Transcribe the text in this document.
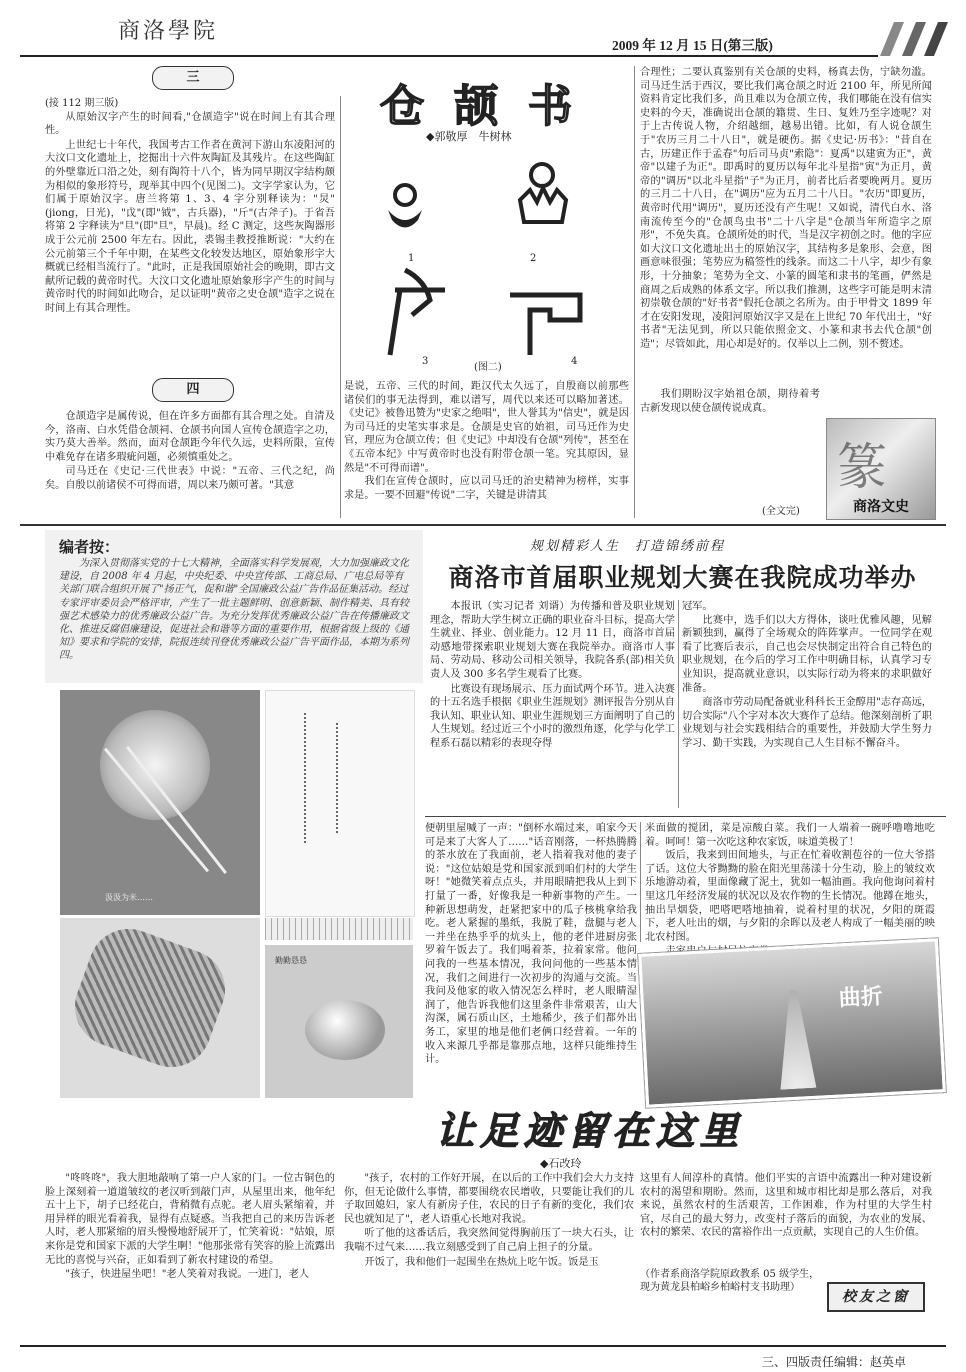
商洛學院
2009 年 12 月 15 日(第三版)
三
仓颉书
◆郭敬厚　牛树林
(接 112 期三版)

从原始汉字产生的时间看,"仓颉造字"说在时间上有其合理性。

上世纪七十年代，我国考古工作者在黄河下游山东凌阳河的大汶口文化遗址上，挖掘出十六件灰陶缸及其残片。在这些陶缸的外壁靠近口沿之处，刻有陶符十八个，皆为同早期汉字结构颇为相似的象形符号，现举其中四个(见图二)。文字学家认为，它们属于原始汉字。唐兰将第 1、3、4 字分别释读为："炅"(jiong，日光)，"戉"(即"钺"，古兵器)，"斤"(古斧子)。于省吾将第 2 字释读为"旦"(即"旦"，早晨)。经 C 测定，这些灰陶器形成于公元前 2500 年左右。因此，裘锡圭教授推断说："大约在公元前第三个千年中期，在某些文化较发达地区，原始象形字大概就已经相当流行了。"此时，正是我国原始社会的晚期，即古文献所记载的黄帝时代。大汶口文化遗址原始象形字产生的时间与黄帝时代的时间如此吻合，足以证明"黄帝之史仓颉"造字之说在时间上有其合理性。

四

仓颉造字是属传说，但在许多方面都有其合理之处。自清及今，洛南、白水凭借仓颉祠、仓颉书向国人宣传仓颉造字之功，实乃莫大善举。然而，面对仓颉距今年代久远，史料所限，宣传中难免存在诸多瑕疵问题，必须慎重处之。

司马迁在《史记·三代世表》中说："五帝、三代之纪，尚矣。自殷以前诸侯不可得而谱，周以来乃颇可著。"其意

1	2
3	4
(图二)
是说，五帝、三代的时间，距汉代太久远了，自殷商以前那些诸侯们的事无法得到，难以谱写，周代以来还可以略加著述。《史记》被鲁迅赞为"史家之绝唱"，世人誉其为"信史"，就是因为司马迁的史笔实事求是。仓颉是史官的始祖，司马迁作为史官，理应为仓颉立传；但《史记》中却没有仓颉"列传"，甚至在《五帝本纪》中写黄帝时也没有附带仓颉一笔。究其原因，显然是"不可得而谱"。

我们在宣传仓颉时，应以司马迁的治史精神为榜样，实事求是。一要不回避"传说"二字，关键是讲清其

合理性；二要认真鉴别有关仓颉的史料，杨真去伪，宁缺勿滥。司马迁生活于西汉，要比我们离仓颉之时近 2100 年，所见所闻资料肯定比我们多，尚且难以为仓颉立传，我们哪能在没有信实史料的今天，准确说出仓颉的籍贯、生日、复姓乃至字迹呢？对于上古传说人物，介绍越细，越易出错。比如，有人说仓颉生于"农历三月二十八日"，就是硬伤。据《史记·历书》："昔自在古，历建正作于孟春"句后司马贞"索隐"：夏禹"以建寅为正"，黄帝"以建子为正"。即禹时的夏历以每年北斗星指"寅"为正月，黄帝的"调历"以北斗星指"子"为正月，前者比后者要晚两月。夏历的三月二十八日，在"调历"应为五月二十八日。"农历"即夏历，黄帝时代用"调历"，夏历还没有产生呢！又如说，清代白水、洛南流传至今的"仓颉鸟虫书"二十八字是"仓颉当年所造字之原形"，不免失真。仓颉所处的时代，当是汉字初创之时。他的字应如大汶口文化遗址出土的原始汉字，其结构多是象形、会意，图画意味很强；笔势应为稿签性的线条。而这二十八字，却少有象形，十分抽象；笔势为全文、小篆的圆笔和隶书的笔画，俨然是商周之后成熟的体系文字。所以我们推测，这些字可能是明末清初崇敬仓颉的"好书者"假托仓颉之名所为。由于甲骨文 1899 年才在安阳发现，凌阳河原始汉字又是在上世纪 70 年代出土，"好书者"无法见到，所以只能依照金文、小篆和隶书去代仓颉"创造"；尽管如此，用心却是好的。仅举以上二例，别不赘述。

我们期盼汉字始祖仓颉，期待着考古新发现以使仓颉传说成真。

(全文完)
篆
商洛文史
编者按：
为深入贯彻落实党的十七大精神，全面落实科学发展观，大力加强廉政文化建设，自 2008 年 4 月起，中央纪委、中央宣传部、工商总局、广电总局等有关部门联合组织开展了"扬正气，促和谐"全国廉政公益广告作品征集活动。经过专家评审委员会严格评审，产生了一批主题鲜明、创意新颖、制作精美、具有较强艺术感染力的优秀廉政公益广告。为充分发挥优秀廉政公益广告在传播廉政文化、推进反腐倡廉建设，促进社会和谐等方面的重要作用，根据省级上级的《通知》要求和学院的安排，院报连续刊登优秀廉政公益广告平面作品，本期为系列四。
汲汲为米……
勤勤恳恳
规划精彩人生　打造锦绣前程
商洛市首届职业规划大赛在我院成功举办

本报讯（实习记者 刘谞）为传播和普及职业规划理念，帮助大学生树立正确的职业奋斗目标，提高大学生就业、择业、创业能力。12 月 11 日，商洛市首届动感地带探索职业规划大赛在我院举办。商洛市人事局、劳动局、移动公司相关领导，我院各系(部)相关负责人及 300 多名学生观看了比赛。

比赛设有现场展示、压力面试两个环节。进入决赛的十五名选手根据《职业生涯规划》测评报告分别从自我认知、职业认知、职业生涯规划三方面阐明了自己的人生规划。经过近三个小时的激烈角逐，化学与化学工程系石磊以精彩的表现夺得

冠军。

比赛中，选手们以大方得体，谈吐优雅风趣，见解新颖独到，赢得了全场观众的阵阵掌声。一位同学在观看了比赛后表示，自己也会尽快制定出符合自己特色的职业规划，在今后的学习工作中明确目标，认真学习专业知识，提高就业意识，以实际行动为将来的求职做好准备。

商洛市劳动局配备就业科科长王金醇用"志存高远，切合实际"八个字对本次大赛作了总结。他深刻剖析了职业规划与社会实践相结合的重要性，并鼓励大学生努力学习、勤干实践，为实现自己人生目标不懈奋斗。

便朝里屋喊了一声："倒杯水端过来，咱家今天可是来了大客人了……"话音刚落，一杯热腾腾的茶水放在了我面前，老人指着我对他的妻子说："这位姑娘是党和国家派到咱们村的大学生呀！"她微笑着点点头，并用眼睛把我从上到下打量了一番，好像我是一种新事物的产生。一种新思想萌发，赶紧把家中的瓜子核桃拿给我吃。老人紧握的墨纸，我脱了鞋，盘腿与老人一并坐在热乎乎的炕头上，他的老伴进厨房张罗着午饭去了。我们喝着茶，拉着家常。他问问我的一些基本情况，我问问他的一些基本情况，我们之间进行一次初步的沟通与交流。当我问及他家的收入情况怎么样时，老人眼睛湿润了，他告诉我他们这里条件非常艰苦，山大沟深，属石质山区，土地稀少，孩子们都外出务工，家里的地是他们老俩口经营着。一年的收入来源几乎都是靠那点地，这样只能维持生计。
米面做的搅团，菜是凉酸白菜。我们一人端着一碗呼噜噜地吃着。呵呵！第一次吃这种农家饭，味道美极了！

饭后，我来到田间地头，与正在忙着收割苞谷的一位大爷搭了话。这位大爷黝黝的脸在阳光里荡漾十分生动，脸上的皱纹欢乐地游动着，里面像藏了泥土，犹如一幅油画。我向他询问着村里这几年经济发展的状况以及农作物的生长情况。他蹲在地头，抽出旱烟袋，吧嗒吧嗒地抽着，说着村里的状况，夕阳的斑霞下，老人吐出的烟，与夕阳的余晖以及老人构成了一幅美丽的映北农村图。

曲折
让足迹留在这里
◆石改玲

"咚咚咚"，我大胆地敲响了第一户人家的门。一位古铜色的脸上深刻着一道道皱纹的老汉听到敲门声，从屋里出来，他年纪五十上下，胡子已经花白，背稍微有点驼。老人眉头紧缩着，并用异样的眼光看着我，显得有点疑惑。当我把自己的来历告诉老人时，老人那紧缩的眉头慢慢地舒展开了，忙笑着说："姑娘，原来你是党和国家下派的大学生啊！"他那张常有笑容的脸上流露出无比的喜悦与兴奋，正如看到了新农村建设的希望。

"孩子，快进屋坐吧！"老人笑着对我说。一进门，老人

"孩子，农村的工作好开展，在以后的工作中我们会大力支持你，但无论做什么事情，都要围绕农民增收，只要能让我们的儿子取回媳妇，家人有新房子住，农民的日子有新的变化，我们农民也就知足了"，老人语重心长地对我说。

听了他的这番话后，我突然间觉得胸前压了一块大石头，让我喘不过气来……我立刻感受到了自己肩上担子的分量。

开饭了，我和他们一起围坐在热炕上吃午饭。饭是玉

这里有人间淳朴的真情。他们平实的言语中流露出一种对建设新农村的渴望和期盼。然而，这里和城市相比却是那么落后，对我来说，虽然农村的生活艰苦，工作困难，作为村里的大学生村官，尽自己的最大努力，改变村子落后的面貌，为农业的发展、农村的繁荣、农民的富裕作出一点贡献，实现自己的人生价值。
（作者系商洛学院原政教系 05 级学生，现为黄龙县柏峪乡柏峪村支书助理）
校友之窗
三、四版责任编辑：赵英卓
